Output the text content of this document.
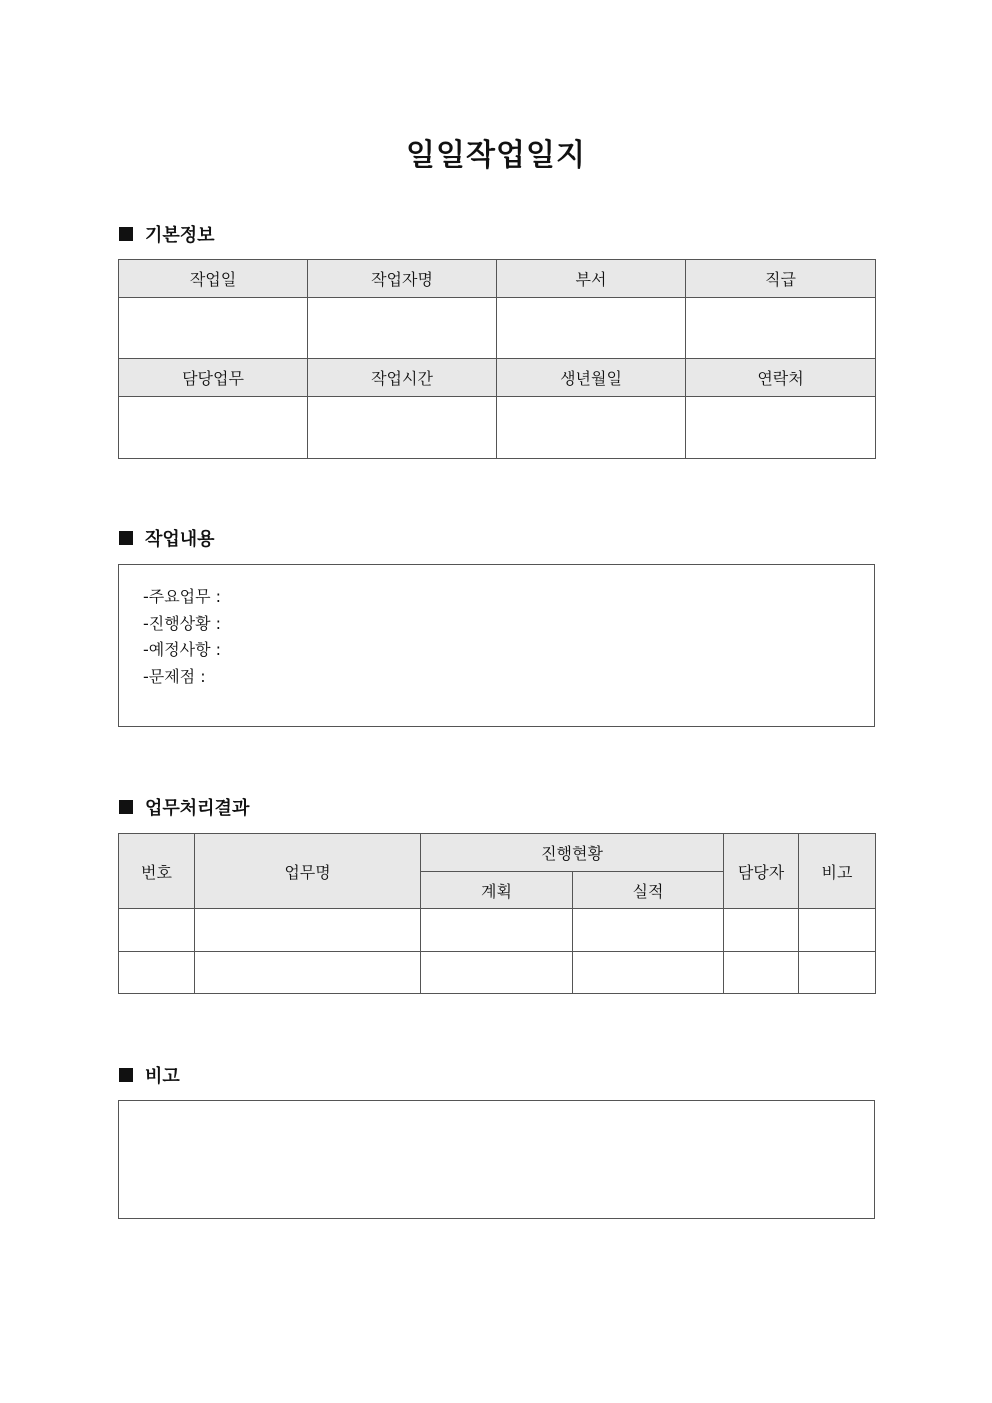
일일작업일지
기본정보
작업일	작업자명	부서	직급

담당업무	작업시간	생년월일	연락처

작업내용
-주요업무 :
-진행상황 :
-예정사항 :
-문제점 :
업무처리결과
번호	업무명	진행현황		담당자	비고
		계획	실적		

비고
